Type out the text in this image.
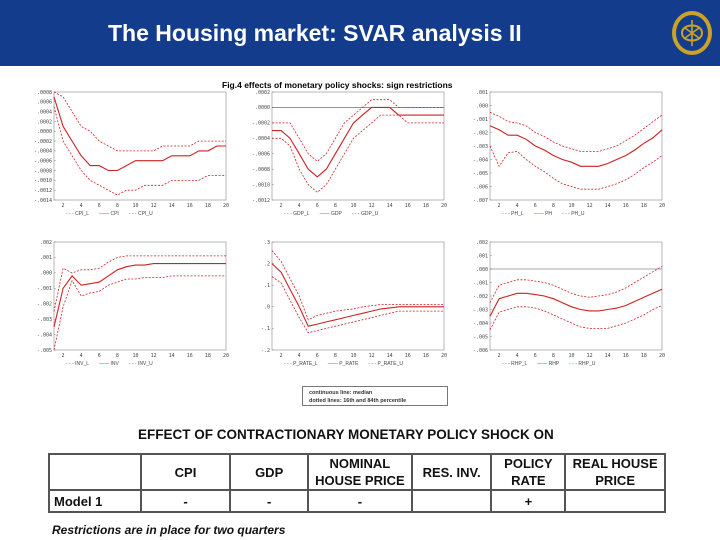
The Housing market: SVAR analysis II
Fig.4 effects of monetary policy shocks: sign restrictions
.0008
.0006
.0004
.0002
.0000
-.0002
-.0004
-.0006
-.0008
-.0010
-.0012
-.0014
2	4	6	8	10 12 14 16 18 20
- - - CPI_L —— CPI - - - CPI_U
.0002
.0000
-.0002
-.0004
-.0006
-.0008
-.0010
-.0012
2	4	6	8	10 12 14 16 18 20
- - - GDP_L —— GDP - - - GDP_U
.001
.000
-.001
-.002
-.003
-.004
-.005
-.006
-.007
2	4	6	8	10 12 14 16 18 20
- - - PH_L —— PH - - - PH_U
.002
.001
.000
-.001
-.002
-.003
-.004
-.005
2	4	6	8	10 12 14 16 18 20
- - - INV_L —— INV - - - INV_U
.3
.2
.1
.0
-.1
-.2
2	4	6	8	10 12 14 16 18 20
- - - P_RATE_L —— P_RATE - - - P_RATE_U
.002
.001
.000
-.001
-.002
-.003
-.004
-.005
-.006
2	4	6	8	10 12 14 16 18 20
- - - RHP_L —— RHP - - - RHP_U
continuous line: median
dotted lines: 16th and 84th percentile
EFFECT OF CONTRACTIONARY MONETARY POLICY SHOCK ON
	CPI	GDP	NOMINAL
HOUSE PRICE	RES. INV.	POLICY
RATE	REAL HOUSE
PRICE
Model 1	-	-	-		+	
Restrictions are in place for two quarters
